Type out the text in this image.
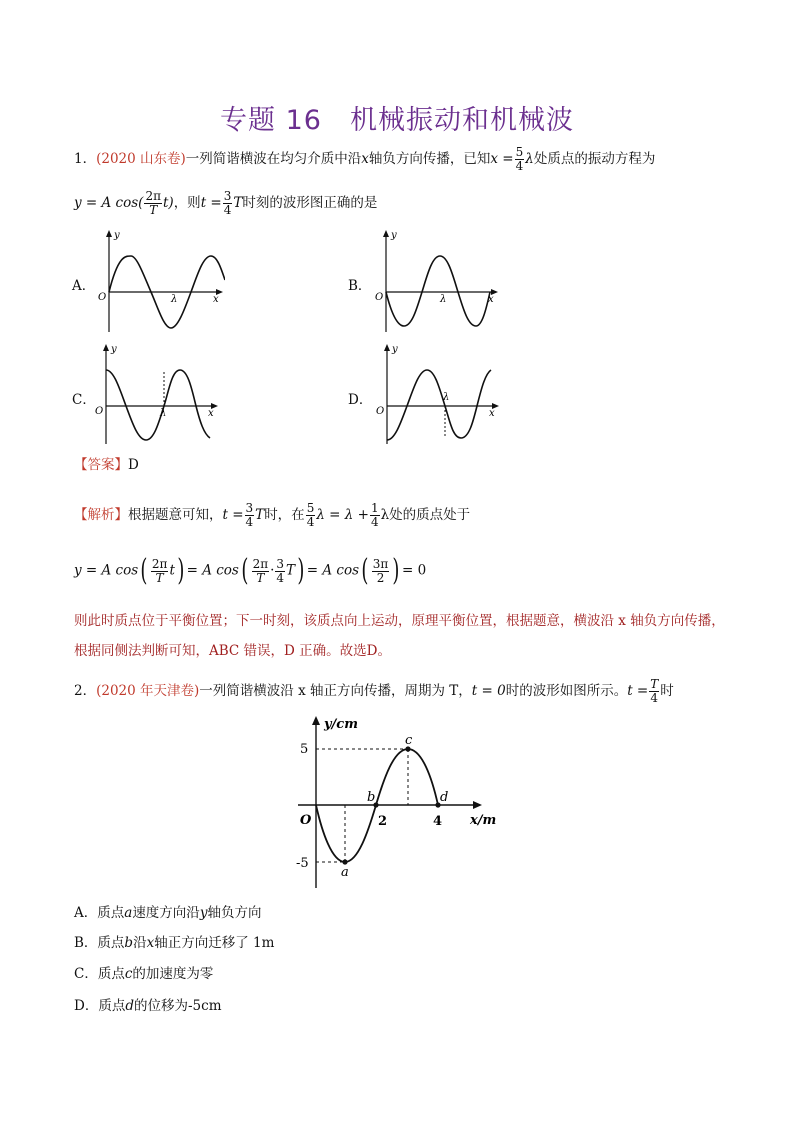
专题 16　机械振动和机械波
1．(2020 山东卷)一列简谐横波在均匀介质中沿x轴负方向传播，已知$x = \frac{5}{4}$ λ处质点的振动方程为
y = A $\cos( \frac{2\pi}{T} t)$，则$t = \frac{3}{4}$ T时刻的波形图正确的是
A．
y
O	λ	x
B．
y
O	λ	x
C．
y
O	λ	x
D．
y
O
λ
x
【答案】D
【解析】根据题意可知，$t = \frac{3}{4}$ T时，在 $\frac{5}{4}$ $\lambda = \lambda + \frac{1}{4}$ λ处的质点处于
y = A $\cos( \frac{2\pi}{T} t) = A$ $\cos( \frac{2\pi}{T} \cdot \frac{3}{4} T) = A$ $\cos( \frac{3\pi}{2}$ ) = 0
则此时质点位于平衡位置；下一时刻，该质点向上运动，原理平衡位置，根据题意，横波沿 x 轴负方向传播，
根据同侧法判断可知，ABC 错误，D 正确。故选D。
2．(2020 年天津卷)一列简谐横波沿 x 轴正方向传播，周期为 T，t = 0时的波形如图所示。$t = \frac{T}{4}$ 时
y/cm
x/m
O
5
-5
2	4
a
b
c
d
A．质点a速度方向沿y轴负方向
B．质点b沿x轴正方向迁移了 1m
C．质点c的加速度为零
D．质点d的位移为-5cm
